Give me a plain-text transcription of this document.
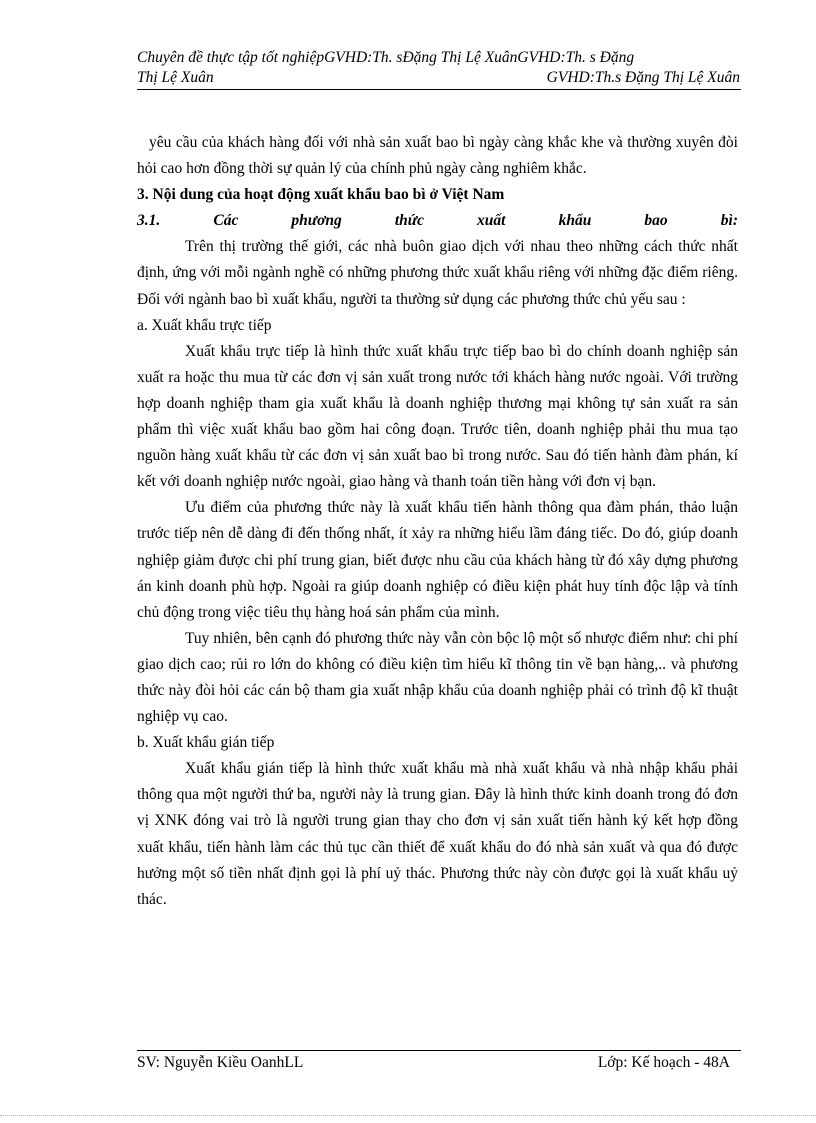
Chuyên đề thực tập tốt nghiệpGVHD:Th. sĐặng Thị Lệ XuânGVHD:Th. s Đặng
Thị Lệ Xuân	GVHD:Th.s Đặng Thị Lệ Xuân

yêu cầu của khách hàng đối với nhà sản xuất bao bì ngày càng khắc khe và thường xuyên đòi hỏi cao hơn đồng thời sự quản lý của chính phủ ngày càng nghiêm khắc.

3. Nội dung của hoạt động xuất khẩu bao bì ở Việt Nam

3.1. Các phương thức xuất khẩu bao bì:

Trên thị trường thế giới, các nhà buôn giao dịch với nhau theo những cách thức nhất định, ứng với mỗi ngành nghề có những phương thức xuất khẩu riêng với những đặc điểm riêng. Đối với ngành bao bì xuất khẩu, người ta thường sử dụng các phương thức chủ yếu sau :

a. Xuất khẩu trực tiếp

Xuất khẩu trực tiếp là hình thức xuất khẩu trực tiếp bao bì do chính doanh nghiệp sản xuất ra hoặc thu mua từ các đơn vị sản xuất trong nước tới khách hàng nước ngoài. Với trường hợp doanh nghiệp tham gia xuất khẩu là doanh nghiệp thương mại không tự sản xuất ra sản phẩm thì việc xuất khẩu bao gồm hai công đoạn. Trước tiên, doanh nghiệp phải thu mua tạo nguồn hàng xuất khẩu từ các đơn vị sản xuất bao bì trong nước. Sau đó tiến hành đàm phán, kí kết với doanh nghiệp nước ngoài, giao hàng và thanh toán tiền hàng với đơn vị bạn.

Ưu điểm của phương thức này là xuất khẩu tiến hành thông qua đàm phán, thảo luận trước tiếp nên dễ dàng đi đến thống nhất, ít xảy ra những hiểu lầm đáng tiếc. Do đó, giúp doanh nghiệp giảm được chi phí trung gian, biết được nhu cầu của khách hàng từ đó xây dựng phương án kinh doanh phù hợp. Ngoài ra giúp doanh nghiệp có điều kiện phát huy tính độc lập và tính chủ động trong việc tiêu thụ hàng hoá sản phẩm của mình.

Tuy nhiên, bên cạnh đó phương thức này vẫn còn bộc lộ một số nhược điểm như: chi phí giao dịch cao; rủi ro lớn do không có điều kiện tìm hiểu kĩ thông tin về bạn hàng,.. và phương thức này đòi hỏi các cán bộ tham gia xuất nhập khẩu của doanh nghiệp phải có trình độ kĩ thuật nghiệp vụ cao.

b. Xuất khẩu gián tiếp

Xuất khẩu gián tiếp là hình thức xuất khẩu mà nhà xuất khẩu và nhà nhập khẩu phải thông qua một người thứ ba, người này là trung gian. Đây là hình thức kinh doanh trong đó đơn vị XNK đóng vai trò là người trung gian thay cho đơn vị sản xuất tiến hành ký kết hợp đồng xuất khẩu, tiến hành làm các thủ tục cần thiết để xuất khẩu do đó nhà sản xuất và qua đó được hưởng một số tiền nhất định gọi là phí uỷ thác. Phương thức này còn được gọi là xuất khẩu uỷ thác.

SV: Nguyễn Kiều OanhLL	Lớp: Kế hoạch - 48A
